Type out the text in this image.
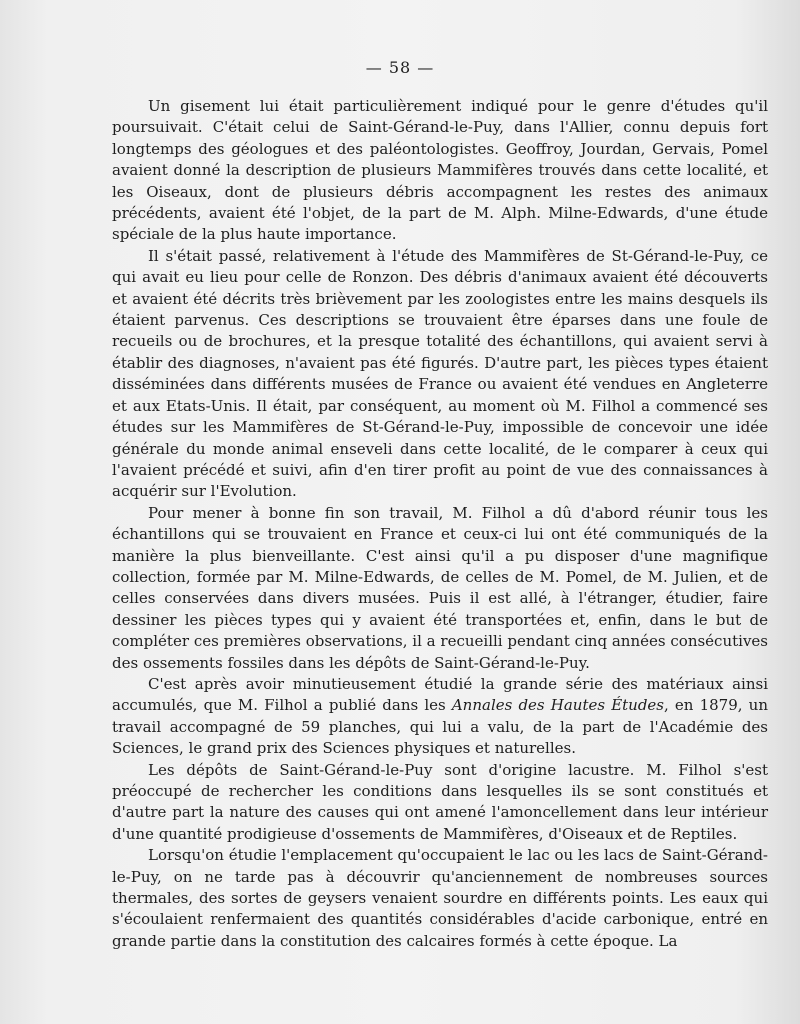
— 58 —

Un gisement lui était particulièrement indiqué pour le genre d'études qu'il poursuivait. C'était celui de Saint-Gérand-le-Puy, dans l'Allier, connu depuis fort longtemps des géologues et des paléontologistes. Geoffroy, Jourdan, Gervais, Pomel avaient donné la description de plusieurs Mammifères trouvés dans cette localité, et les Oiseaux, dont de plusieurs débris accompagnent les restes des animaux précédents, avaient été l'objet, de la part de M. Alph. Milne-Edwards, d'une étude spéciale de la plus haute importance.

Il s'était passé, relativement à l'étude des Mammifères de St-Gérand-le-Puy, ce qui avait eu lieu pour celle de Ronzon. Des débris d'animaux avaient été découverts et avaient été décrits très brièvement par les zoologistes entre les mains desquels ils étaient parvenus. Ces descriptions se trouvaient être éparses dans une foule de recueils ou de brochures, et la presque totalité des échantillons, qui avaient servi à établir des diagnoses, n'avaient pas été figurés. D'autre part, les pièces types étaient disséminées dans différents musées de France ou avaient été vendues en Angleterre et aux Etats-Unis. Il était, par conséquent, au moment où M. Filhol a commencé ses études sur les Mammifères de St-Gérand-le-Puy, impossible de concevoir une idée générale du monde animal enseveli dans cette localité, de le comparer à ceux qui l'avaient précédé et suivi, afin d'en tirer profit au point de vue des connaissances à acquérir sur l'Evolution.

Pour mener à bonne fin son travail, M. Filhol a dû d'abord réunir tous les échantillons qui se trouvaient en France et ceux-ci lui ont été communiqués de la manière la plus bienveillante. C'est ainsi qu'il a pu disposer d'une magnifique collection, formée par M. Milne-Edwards, de celles de M. Pomel, de M. Julien, et de celles conservées dans divers musées. Puis il est allé, à l'étranger, étudier, faire dessiner les pièces types qui y avaient été transportées et, enfin, dans le but de compléter ces premières observations, il a recueilli pendant cinq années consécutives des ossements fossiles dans les dépôts de Saint-Gérand-le-Puy.

C'est après avoir minutieusement étudié la grande série des matériaux ainsi accumulés, que M. Filhol a publié dans les Annales des Hautes Études, en 1879, un travail accompagné de 59 planches, qui lui a valu, de la part de l'Académie des Sciences, le grand prix des Sciences physiques et naturelles.

Les dépôts de Saint-Gérand-le-Puy sont d'origine lacustre. M. Filhol s'est préoccupé de rechercher les conditions dans lesquelles ils se sont constitués et d'autre part la nature des causes qui ont amené l'amoncellement dans leur intérieur d'une quantité prodigieuse d'ossements de Mammifères, d'Oiseaux et de Reptiles.

Lorsqu'on étudie l'emplacement qu'occupaient le lac ou les lacs de Saint-Gérand-le-Puy, on ne tarde pas à découvrir qu'anciennement de nombreuses sources thermales, des sortes de geysers venaient sourdre en différents points. Les eaux qui s'écoulaient renfermaient des quantités considérables d'acide carbonique, entré en grande partie dans la constitution des calcaires formés à cette époque. La
